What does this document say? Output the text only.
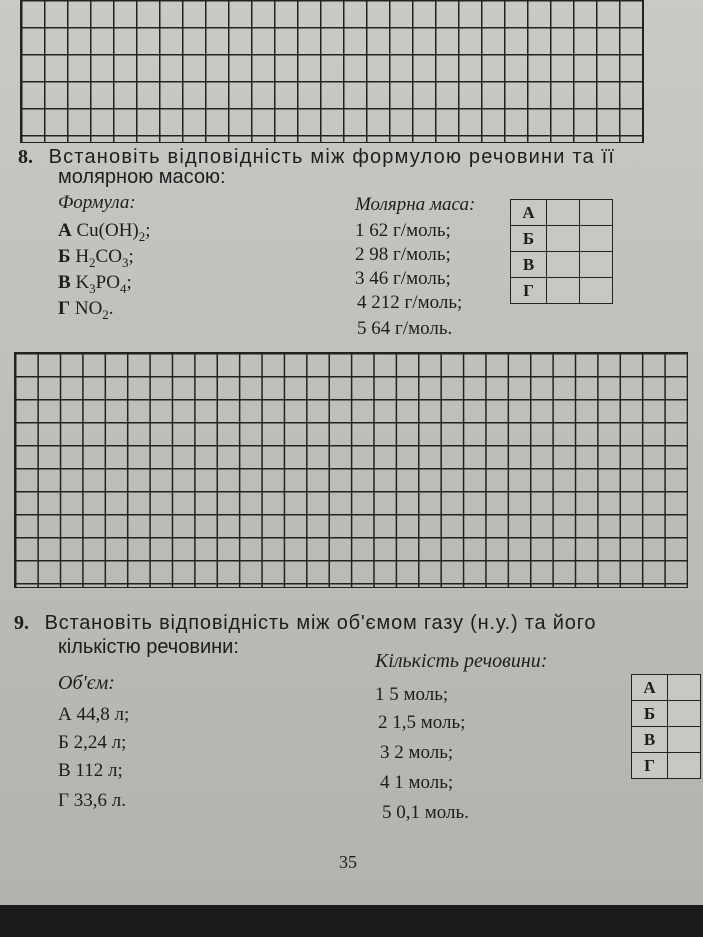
8. Встановіть відповідність між формулою речовини та її
молярною масою:
Формула:	Молярна маса:
А $Cu(OH)_2$;
Б $H_2CO_3$;
В $K_3PO_4$;
Г $NO_2$.
1 62 г/моль;
2 98 г/моль;
3 46 г/моль;
4 212 г/моль;
5 64 г/моль.
А		
Б		
В		
Г		
9. Встановіть відповідність між об'ємом газу (н.у.) та його
кількістю речовини:
Об'єм:
Кількість речовини:
А 44,8 л;
Б 2,24 л;
В 112 л;
Г 33,6 л.
1 5 моль;
2 1,5 моль;
3 2 моль;
4 1 моль;
5 0,1 моль.
А	
Б	
В	
Г	
35
